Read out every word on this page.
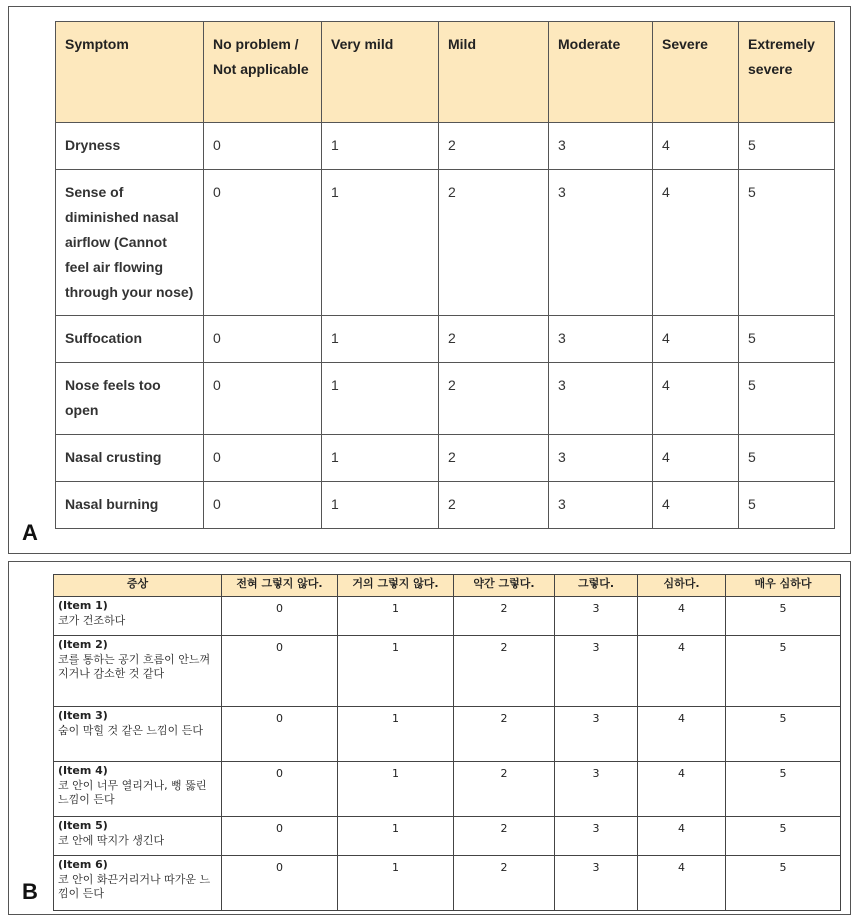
Symptom	No problem / Not applicable	Very mild	Mild	Moderate	Severe	Extremely severe
Dryness	0	1	2	3	4	5
Sense of diminished nasal airflow (Cannot feel air flowing through your nose)	0	1	2	3	4	5
Suffocation	0	1	2	3	4	5
Nose feels too open	0	1	2	3	4	5
Nasal crusting	0	1	2	3	4	5
Nasal burning	0	1	2	3	4	5
A
증상	전혀 그렇지 않다.	거의 그렇지 않다.	약간 그렇다.	그렇다.	심하다.	매우 심하다

(Item 1)
코가 건조하다	0	1	2	3	4	5

(Item 2)
코를 통하는 공기 흐름이 안느껴지거나 감소한 것 같다	0	1	2	3	4	5

(Item 3)
숨이 막힐 것 같은 느낌이 든다	0	1	2	3	4	5

(Item 4)
코 안이 너무 열리거나, 뻥 뚫린 느낌이 든다	0	1	2	3	4	5

(Item 5)
코 안에 딱지가 생긴다	0	1	2	3	4	5

(Item 6)
코 안이 화끈거리거나 따가운 느낌이 든다	0	1	2	3	4	5
B
